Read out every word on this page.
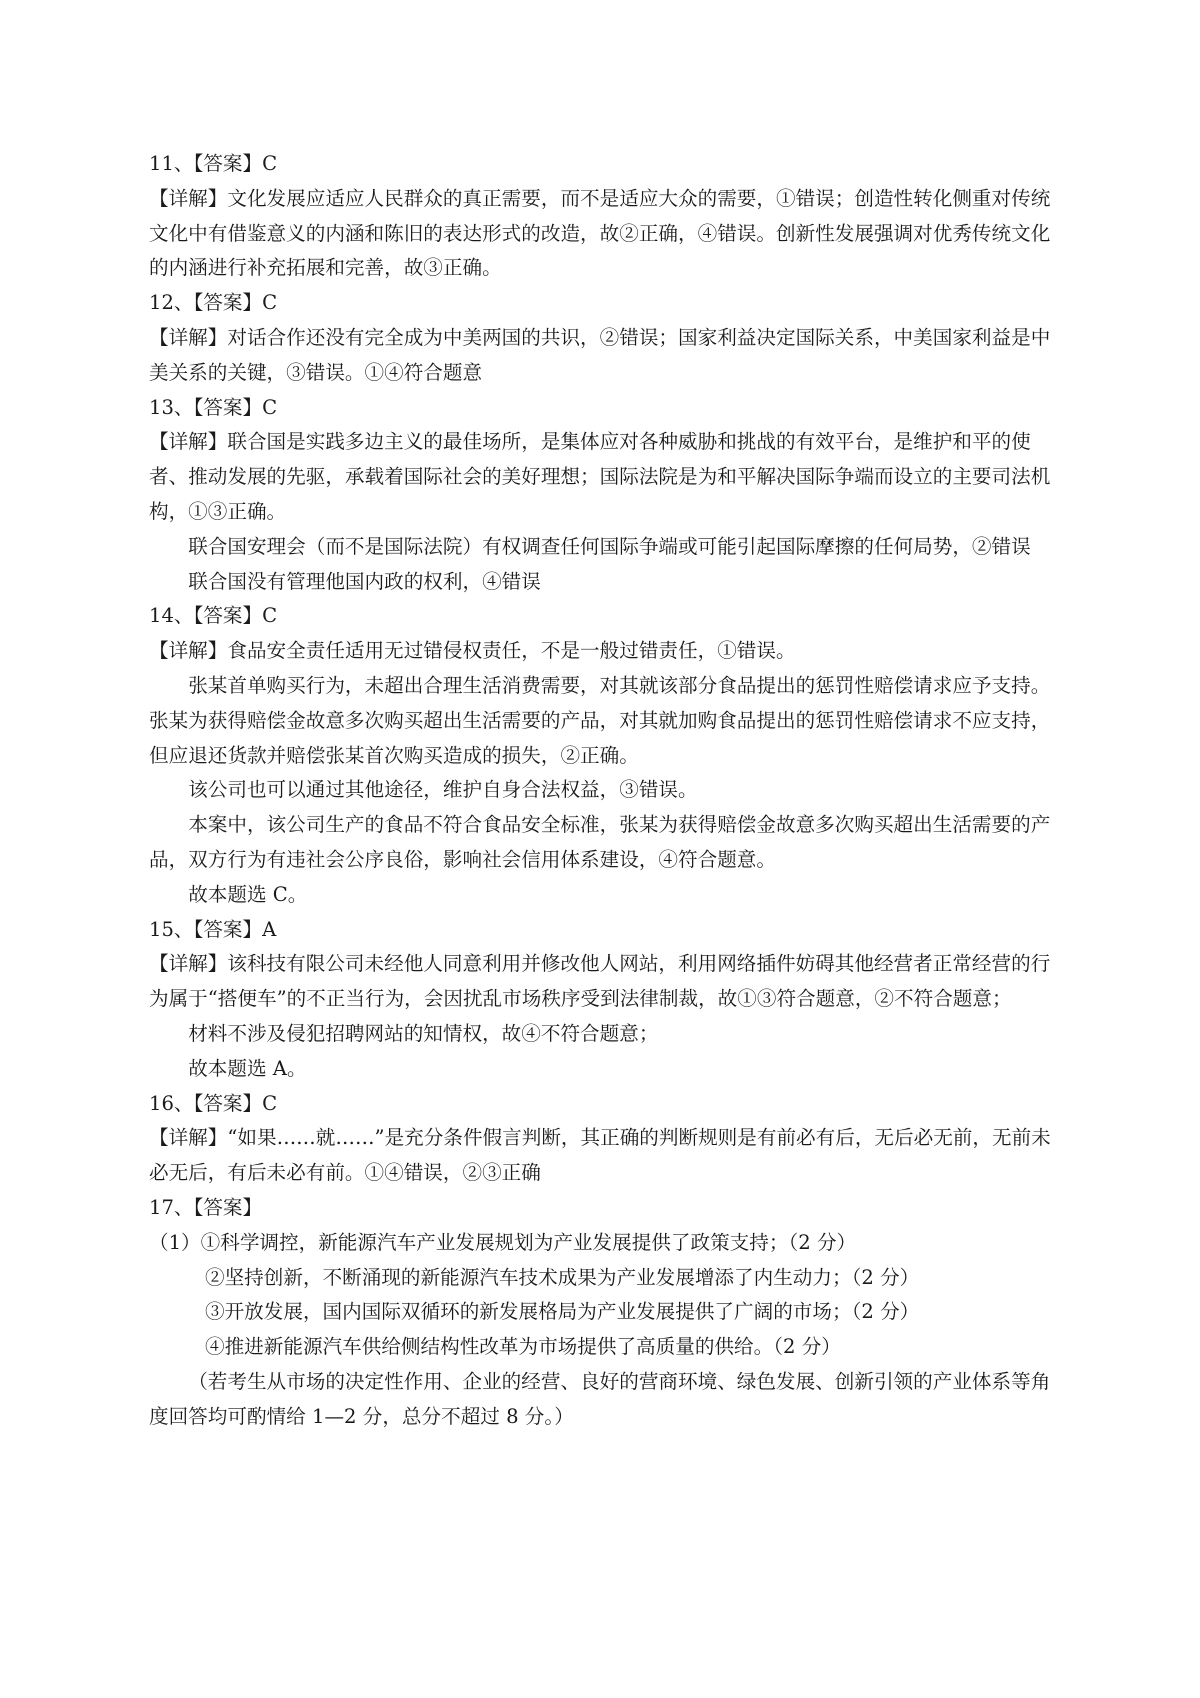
11、【答案】C

【详解】文化发展应适应人民群众的真正需要，而不是适应大众的需要，①错误；创造性转化侧重对传统文化中有借鉴意义的内涵和陈旧的表达形式的改造，故②正确，④错误。创新性发展强调对优秀传统文化的内涵进行补充拓展和完善，故③正确。

12、【答案】C

【详解】对话合作还没有完全成为中美两国的共识，②错误；国家利益决定国际关系，中美国家利益是中美关系的关键，③错误。①④符合题意

13、【答案】C

【详解】联合国是实践多边主义的最佳场所，是集体应对各种威胁和挑战的有效平台，是维护和平的使者、推动发展的先驱，承载着国际社会的美好理想；国际法院是为和平解决国际争端而设立的主要司法机构，①③正确。

联合国安理会（而不是国际法院）有权调查任何国际争端或可能引起国际摩擦的任何局势，②错误

联合国没有管理他国内政的权利，④错误

14、【答案】C

【详解】食品安全责任适用无过错侵权责任，不是一般过错责任，①错误。

张某首单购买行为，未超出合理生活消费需要，对其就该部分食品提出的惩罚性赔偿请求应予支持。张某为获得赔偿金故意多次购买超出生活需要的产品，对其就加购食品提出的惩罚性赔偿请求不应支持，但应退还货款并赔偿张某首次购买造成的损失，②正确。

该公司也可以通过其他途径，维护自身合法权益，③错误。

本案中，该公司生产的食品不符合食品安全标准，张某为获得赔偿金故意多次购买超出生活需要的产品，双方行为有违社会公序良俗，影响社会信用体系建设，④符合题意。

故本题选 C。

15、【答案】A

【详解】该科技有限公司未经他人同意利用并修改他人网站，利用网络插件妨碍其他经营者正常经营的行为属于“搭便车”的不正当行为，会因扰乱市场秩序受到法律制裁，故①③符合题意，②不符合题意；

材料不涉及侵犯招聘网站的知情权，故④不符合题意；

故本题选 A。

16、【答案】C

【详解】“如果……就……”是充分条件假言判断，其正确的判断规则是有前必有后，无后必无前，无前未必无后，有后未必有前。①④错误，②③正确

17、【答案】

（1）①科学调控，新能源汽车产业发展规划为产业发展提供了政策支持；（2 分）

②坚持创新，不断涌现的新能源汽车技术成果为产业发展增添了内生动力；（2 分）

③开放发展，国内国际双循环的新发展格局为产业发展提供了广阔的市场；（2 分）

④推进新能源汽车供给侧结构性改革为市场提供了高质量的供给。（2 分）

（若考生从市场的决定性作用、企业的经营、良好的营商环境、绿色发展、创新引领的产业体系等角度回答均可酌情给 1—2 分，总分不超过 8 分。）
